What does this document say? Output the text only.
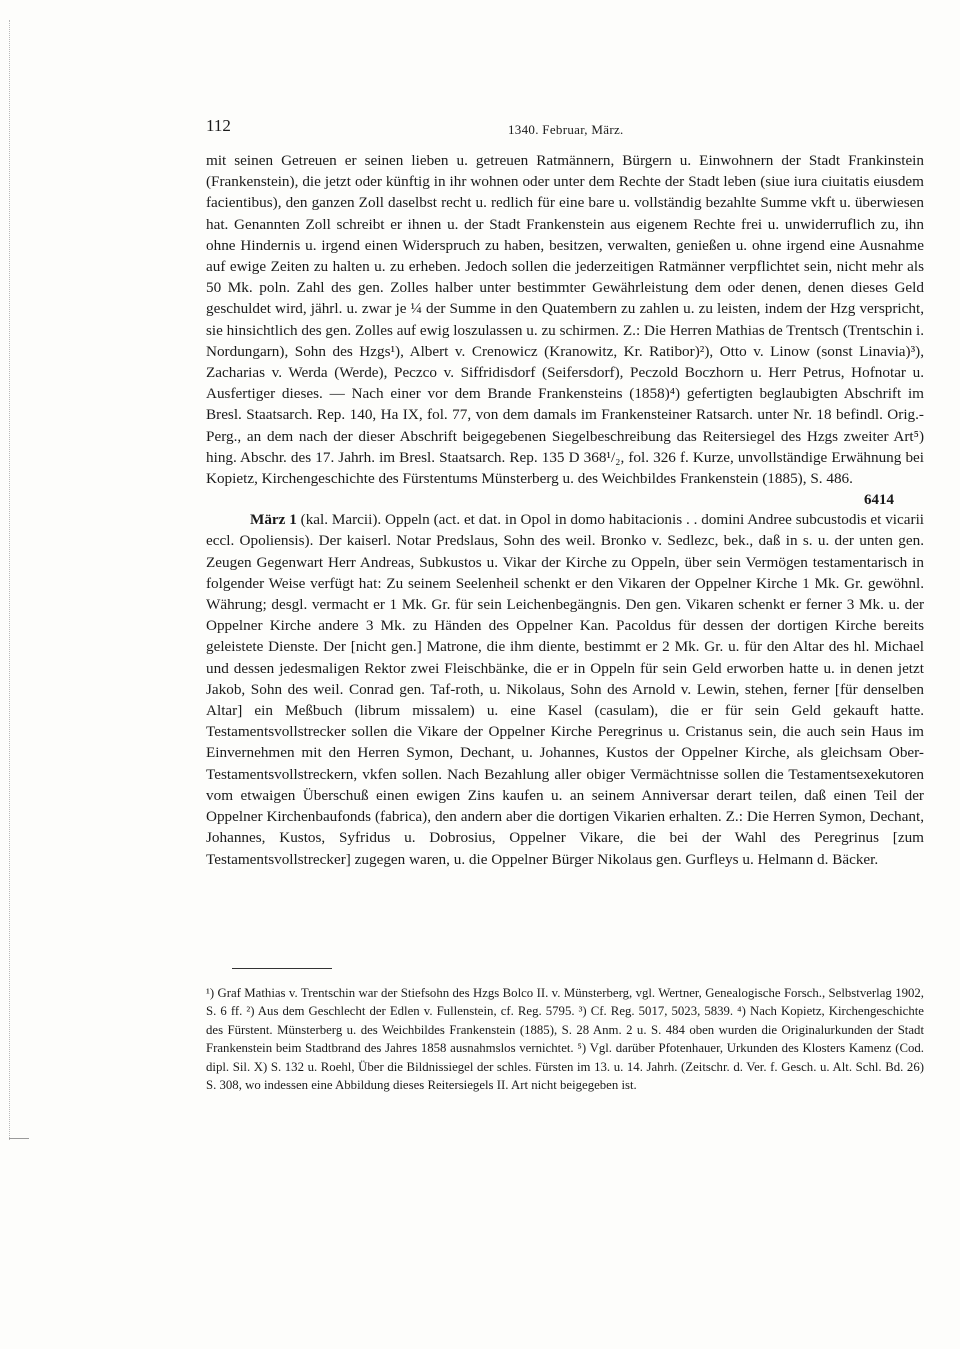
112	1340. Februar, März.

mit seinen Getreuen er seinen lieben u. getreuen Ratmännern, Bürgern u. Einwohnern der Stadt Frankinstein (Frankenstein), die jetzt oder künftig in ihr wohnen oder unter dem Rechte der Stadt leben (siue iura ciuitatis eiusdem facientibus), den ganzen Zoll daselbst recht u. redlich für eine bare u. vollständig bezahlte Summe vkft u. überwiesen hat. Genannten Zoll schreibt er ihnen u. der Stadt Frankenstein aus eigenem Rechte frei u. unwiderruflich zu, ihn ohne Hindernis u. irgend einen Widerspruch zu haben, besitzen, verwalten, genießen u. ohne irgend eine Ausnahme auf ewige Zeiten zu halten u. zu erheben. Jedoch sollen die jederzeitigen Ratmänner verpflichtet sein, nicht mehr als 50 Mk. poln. Zahl des gen. Zolles halber unter bestimmter Gewährleistung dem oder denen, denen dieses Geld geschuldet wird, jährl. u. zwar je ¼ der Summe in den Quatembern zu zahlen u. zu leisten, indem der Hzg verspricht, sie hinsichtlich des gen. Zolles auf ewig loszulassen u. zu schirmen. Z.: Die Herren Mathias de Trentsch (Trentschin i. Nordungarn), Sohn des Hzgs¹), Albert v. Crenowicz (Kranowitz, Kr. Ratibor)²), Otto v. Linow (sonst Linavia)³), Zacharias v. Werda (Werde), Peczco v. Siffridisdorf (Seifersdorf), Peczold Boczhorn u. Herr Petrus, Hofnotar u. Ausfertiger dieses. — Nach einer vor dem Brande Frankensteins (1858)⁴) gefertigten beglaubigten Abschrift im Bresl. Staatsarch. Rep. 140, Ha IX, fol. 77, von dem damals im Frankensteiner Ratsarch. unter Nr. 18 befindl. Orig.-Perg., an dem nach der dieser Abschrift beigegebenen Siegelbeschreibung das Reitersiegel des Hzgs zweiter Art⁵) hing. Abschr. des 17. Jahrh. im Bresl. Staatsarch. Rep. 135 D 368¹/₂, fol. 326 f. Kurze, unvollständige Erwähnung bei Kopietz, Kirchengeschichte des Fürstentums Münsterberg u. des Weichbildes Frankenstein (1885), S. 486.

6414

März 1 (kal. Marcii). Oppeln (act. et dat. in Opol in domo habitacionis . . domini Andree subcustodis et vicarii eccl. Opoliensis). Der kaiserl. Notar Predslaus, Sohn des weil. Bronko v. Sedlezc, bek., daß in s. u. der unten gen. Zeugen Gegenwart Herr Andreas, Subkustos u. Vikar der Kirche zu Oppeln, über sein Vermögen testamentarisch in folgender Weise verfügt hat: Zu seinem Seelenheil schenkt er den Vikaren der Oppelner Kirche 1 Mk. Gr. gewöhnl. Währung; desgl. vermacht er 1 Mk. Gr. für sein Leichenbegängnis. Den gen. Vikaren schenkt er ferner 3 Mk. u. der Oppelner Kirche andere 3 Mk. zu Händen des Oppelner Kan. Pacoldus für dessen der dortigen Kirche bereits geleistete Dienste. Der [nicht gen.] Matrone, die ihm diente, bestimmt er 2 Mk. Gr. u. für den Altar des hl. Michael und dessen jedesmaligen Rektor zwei Fleischbänke, die er in Oppeln für sein Geld erworben hatte u. in denen jetzt Jakob, Sohn des weil. Conrad gen. Taf-roth, u. Nikolaus, Sohn des Arnold v. Lewin, stehen, ferner [für denselben Altar] ein Meßbuch (librum missalem) u. eine Kasel (casulam), die er für sein Geld gekauft hatte. Testamentsvollstrecker sollen die Vikare der Oppelner Kirche Peregrinus u. Cristanus sein, die auch sein Haus im Einvernehmen mit den Herren Symon, Dechant, u. Johannes, Kustos der Oppelner Kirche, als gleichsam Ober-Testamentsvollstreckern, vkfen sollen. Nach Bezahlung aller obiger Vermächtnisse sollen die Testamentsexekutoren vom etwaigen Überschuß einen ewigen Zins kaufen u. an seinem Anniversar derart teilen, daß einen Teil der Oppelner Kirchenbaufonds (fabrica), den andern aber die dortigen Vikarien erhalten. Z.: Die Herren Symon, Dechant, Johannes, Kustos, Syfridus u. Dobrosius, Oppelner Vikare, die bei der Wahl des Peregrinus [zum Testamentsvollstrecker] zugegen waren, u. die Oppelner Bürger Nikolaus gen. Gurfleys u. Helmann d. Bäcker.

¹) Graf Mathias v. Trentschin war der Stiefsohn des Hzgs Bolco II. v. Münsterberg, vgl. Wertner, Genealogische Forsch., Selbstverlag 1902, S. 6 ff. ²) Aus dem Geschlecht der Edlen v. Fullenstein, cf. Reg. 5795. ³) Cf. Reg. 5017, 5023, 5839. ⁴) Nach Kopietz, Kirchengeschichte des Fürstent. Münsterberg u. des Weichbildes Frankenstein (1885), S. 28 Anm. 2 u. S. 484 oben wurden die Originalurkunden der Stadt Frankenstein beim Stadtbrand des Jahres 1858 ausnahmslos vernichtet. ⁵) Vgl. darüber Pfotenhauer, Urkunden des Klosters Kamenz (Cod. dipl. Sil. X) S. 132 u. Roehl, Über die Bildnissiegel der schles. Fürsten im 13. u. 14. Jahrh. (Zeitschr. d. Ver. f. Gesch. u. Alt. Schl. Bd. 26) S. 308, wo indessen eine Abbildung dieses Reitersiegels II. Art nicht beigegeben ist.
